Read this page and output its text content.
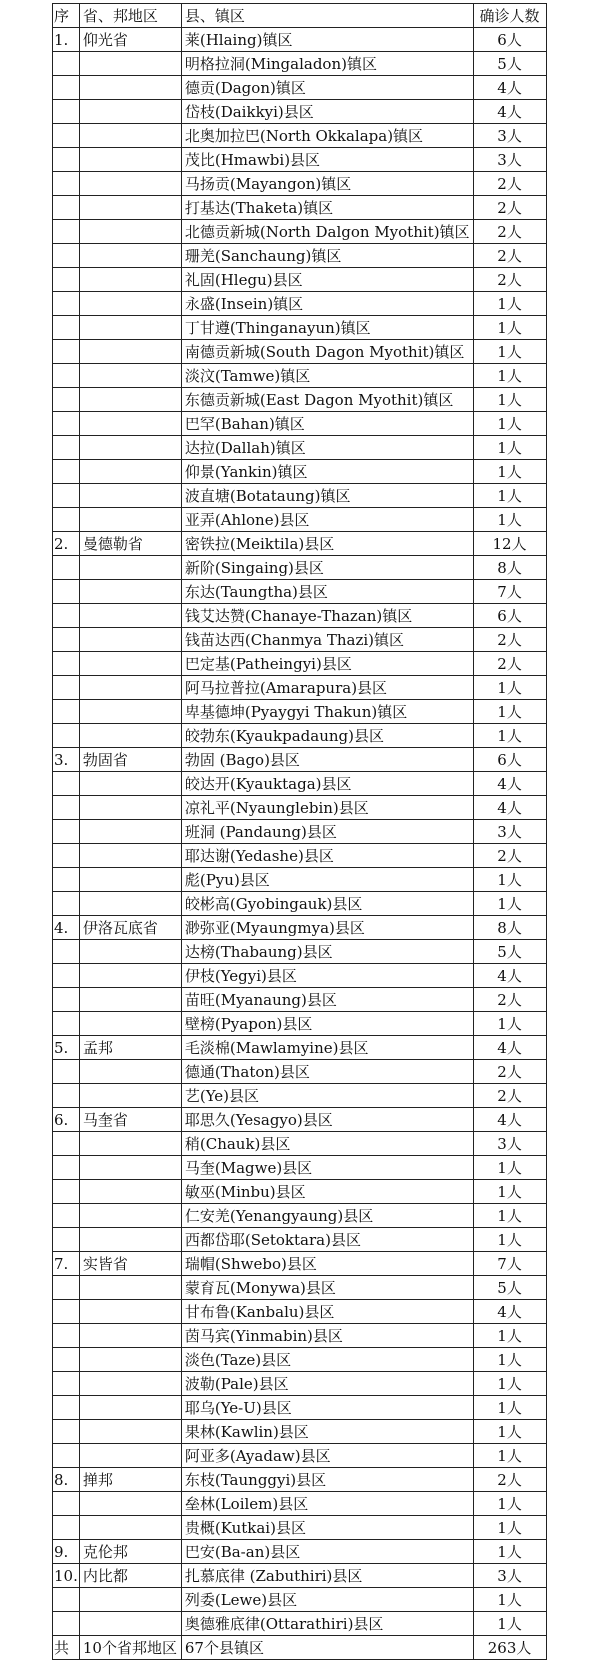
序	省、邦地区	县、镇区	确诊人数
1.	仰光省	莱(Hlaing)镇区	6人
		明格拉洞(Mingaladon)镇区	5人
		德贡(Dagon)镇区	4人
		岱枝(Daikkyi)县区	4人
		北奥加拉巴(North Okkalapa)镇区	3人
		茂比(Hmawbi)县区	3人
		马扬贡(Mayangon)镇区	2人
		打基达(Thaketa)镇区	2人
		北德贡新城(North Dalgon Myothit)镇区	2人
		珊羌(Sanchaung)镇区	2人
		礼固(Hlegu)县区	2人
		永盛(Insein)镇区	1人
		丁甘遵(Thinganayun)镇区	1人
		南德贡新城(South Dagon Myothit)镇区	1人
		淡汶(Tamwe)镇区	1人
		东德贡新城(East Dagon Myothit)镇区	1人
		巴罕(Bahan)镇区	1人
		达拉(Dallah)镇区	1人
		仰景(Yankin)镇区	1人
		波直塘(Botataung)镇区	1人
		亚弄(Ahlone)县区	1人
2.	曼德勒省	密铁拉(Meiktila)县区	12人
		新阶(Singaing)县区	8人
		东达(Taungtha)县区	7人
		钱艾达赞(Chanaye-Thazan)镇区	6人
		钱苗达西(Chanmya Thazi)镇区	2人
		巴定基(Patheingyi)县区	2人
		阿马拉普拉(Amarapura)县区	1人
		卑基德坤(Pyaygyi Thakun)镇区	1人
		皎勃东(Kyaukpadaung)县区	1人
3.	勃固省	勃固 (Bago)县区	6人
		皎达开(Kyauktaga)县区	4人
		凉礼平(Nyaunglebin)县区	4人
		班洞 (Pandaung)县区	3人
		耶达谢(Yedashe)县区	2人
		彪(Pyu)县区	1人
		皎彬高(Gyobingauk)县区	1人
4.	伊洛瓦底省	渺弥亚(Myaungmya)县区	8人
		达榜(Thabaung)县区	5人
		伊枝(Yegyi)县区	4人
		苗旺(Myanaung)县区	2人
		壁榜(Pyapon)县区	1人
5.	孟邦	毛淡棉(Mawlamyine)县区	4人
		德通(Thaton)县区	2人
		艺(Ye)县区	2人
6.	马奎省	耶思久(Yesagyo)县区	4人
		稍(Chauk)县区	3人
		马奎(Magwe)县区	1人
		敏巫(Minbu)县区	1人
		仁安羌(Yenangyaung)县区	1人
		西都岱耶(Setoktara)县区	1人
7.	实皆省	瑞帽(Shwebo)县区	7人
		蒙育瓦(Monywa)县区	5人
		甘布鲁(Kanbalu)县区	4人
		茵马宾(Yinmabin)县区	1人
		淡色(Taze)县区	1人
		波勒(Pale)县区	1人
		耶乌(Ye-U)县区	1人
		果林(Kawlin)县区	1人
		阿亚多(Ayadaw)县区	1人
8.	掸邦	东枝(Taunggyi)县区	2人
		垒林(Loilem)县区	1人
		贵概(Kutkai)县区	1人
9.	克伦邦	巴安(Ba-an)县区	1人
10.	内比都	扎慕底律 (Zabuthiri)县区	3人
		列委(Lewe)县区	1人
		奥德雅底律(Ottarathiri)县区	1人
共	10个省邦地区	67个县镇区	263人
